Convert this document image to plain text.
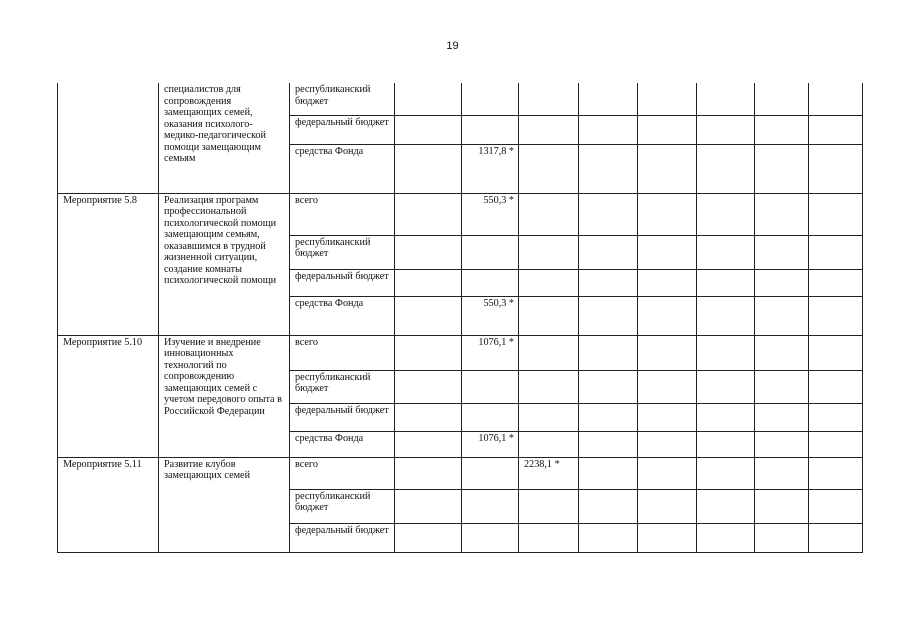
19
	специалистов для сопровождения замещающих семей, оказания психолого-медико-педагогической помощи замещающим семьям	республиканский бюджет									
		федеральный бюджет									
		средства Фонда		1317,8 *							
Мероприятие 5.8	Реализация программ профессиональной психологической помощи замещающим семьям, оказавшимся в трудной жизненной ситуации, создание комнаты психологической помощи	всего		550,3 *							
		республиканский бюджет									
		федеральный бюджет									
		средства Фонда		550,3 *							
Мероприятие 5.10	Изучение и внедрение инновационных технологий по сопровождению замещающих семей с учетом передового опыта в Российской Федерации	всего		1076,1 *							
		республиканский бюджет									
		федеральный бюджет									
		средства Фонда		1076,1 *							
Мероприятие 5.11	Развитие клубов замещающих семей	всего			2238,1 *						
		республиканский бюджет									
		федеральный бюджет									
